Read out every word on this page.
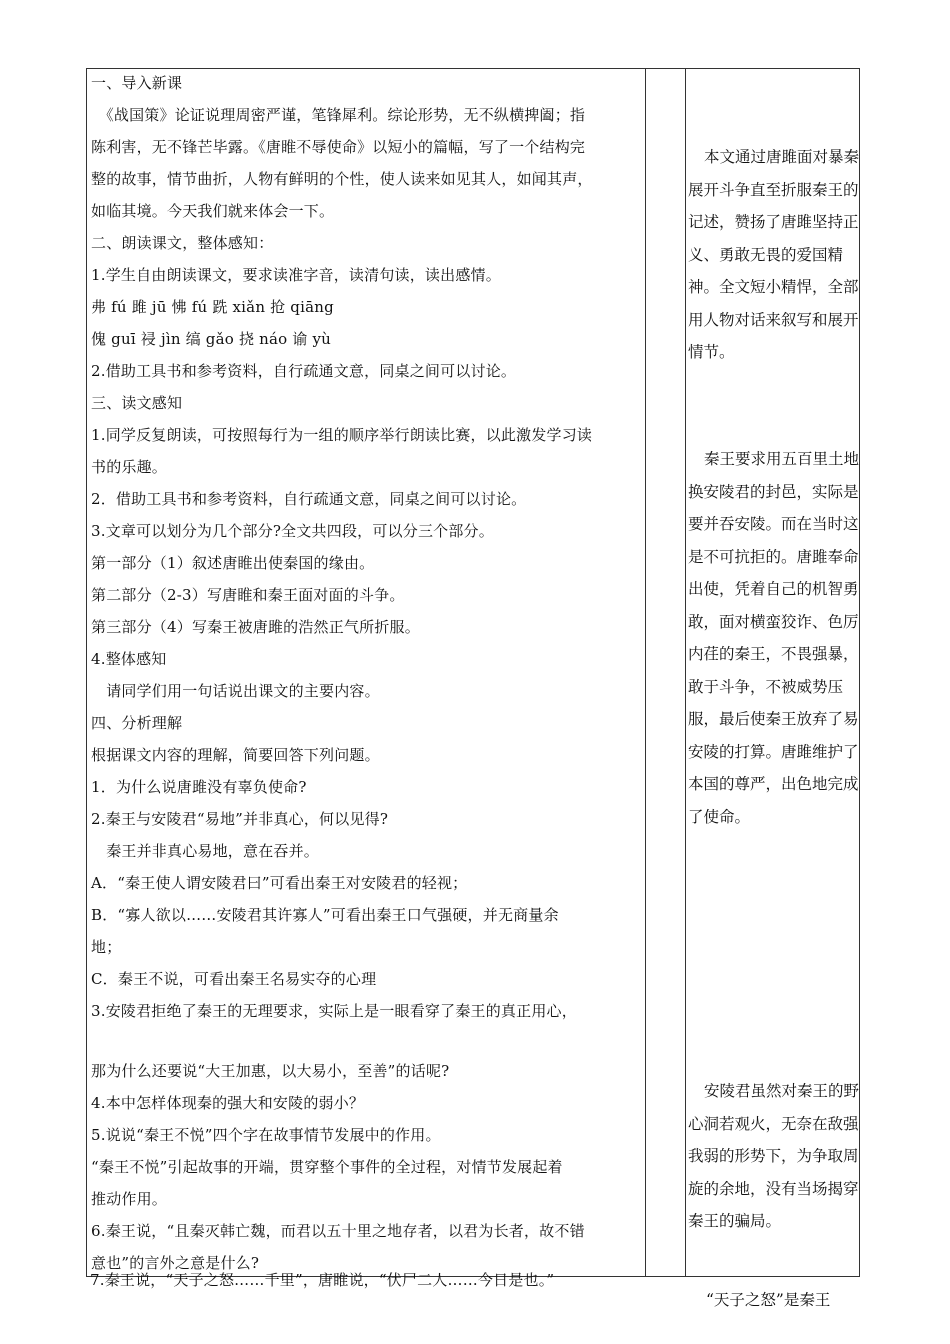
一、导入新课
　《战国策》论证说理周密严谨，笔锋犀利。综论形势，无不纵横捭阖；指
陈利害，无不锋芒毕露。《唐睢不辱使命》以短小的篇幅，写了一个结构完
整的故事，情节曲折，人物有鲜明的个性，使人读来如见其人，如闻其声，
如临其境。今天我们就来体会一下。
二、朗读课文，整体感知：
1.学生自由朗读课文，要求读准字音，读清句读，读出感情。
弗 fú 雎 jū 怫 fú 跣 xiǎn 抢 qiāng
傀 guī 祲 jìn 缟 gǎo 挠 náo 谕 yù
2.借助工具书和参考资料，自行疏通文意，同桌之间可以讨论。
三、读文感知
1.同学反复朗读，可按照每行为一组的顺序举行朗读比赛，以此激发学习读
书的乐趣。
2．借助工具书和参考资料，自行疏通文意，同桌之间可以讨论。
3.文章可以划分为几个部分?全文共四段，可以分三个部分。
第一部分（1）叙述唐睢出使秦国的缘由。
第二部分（2-3）写唐睢和秦王面对面的斗争。
第三部分（4）写秦王被唐雎的浩然正气所折服。
4.整体感知
　请同学们用一句话说出课文的主要内容。
四、分析理解
根据课文内容的理解，简要回答下列问题。
1．为什么说唐雎没有辜负使命?
2.秦王与安陵君“易地”并非真心，何以见得?
　秦王并非真心易地，意在吞并。
A．“秦王使人谓安陵君曰”可看出秦王对安陵君的轻视；
B．“寡人欲以……安陵君其许寡人”可看出秦王口气强硬，并无商量余
地；
C．秦王不说，可看出秦王名易实夺的心理
3.安陵君拒绝了秦王的无理要求，实际上是一眼看穿了秦王的真正用心，
那为什么还要说“大王加惠，以大易小，至善”的话呢?
4.本中怎样体现秦的强大和安陵的弱小？
5.说说“秦王不悦”四个字在故事情节发展中的作用。
“秦王不悦”引起故事的开端，贯穿整个事件的全过程，对情节发展起着
推动作用。
6.秦王说，“且秦灭韩亡魏，而君以五十里之地存者，以君为长者，故不错
意也”的言外之意是什么?
本文通过唐雎面对暴秦展开斗争直至折服秦王的记述，赞扬了唐雎坚持正义、勇敢无畏的爱国精神。全文短小精悍，全部用人物对话来叙写和展开情节。
秦王要求用五百里土地换安陵君的封邑，实际是要并吞安陵。而在当时这是不可抗拒的。唐雎奉命出使，凭着自己的机智勇敢，面对横蛮狡诈、色厉内荏的秦王，不畏强暴，敢于斗争，不被威势压服，最后使秦王放弃了易安陵的打算。唐雎维护了本国的尊严，出色地完成了使命。
安陵君虽然对秦王的野心洞若观火，无奈在敌强我弱的形势下，为争取周旋的余地，没有当场揭穿秦王的骗局。
7.秦王说，“天子之怒……千里”，唐睢说，“伏尸二人……今日是也。”
“天子之怒”是秦王
